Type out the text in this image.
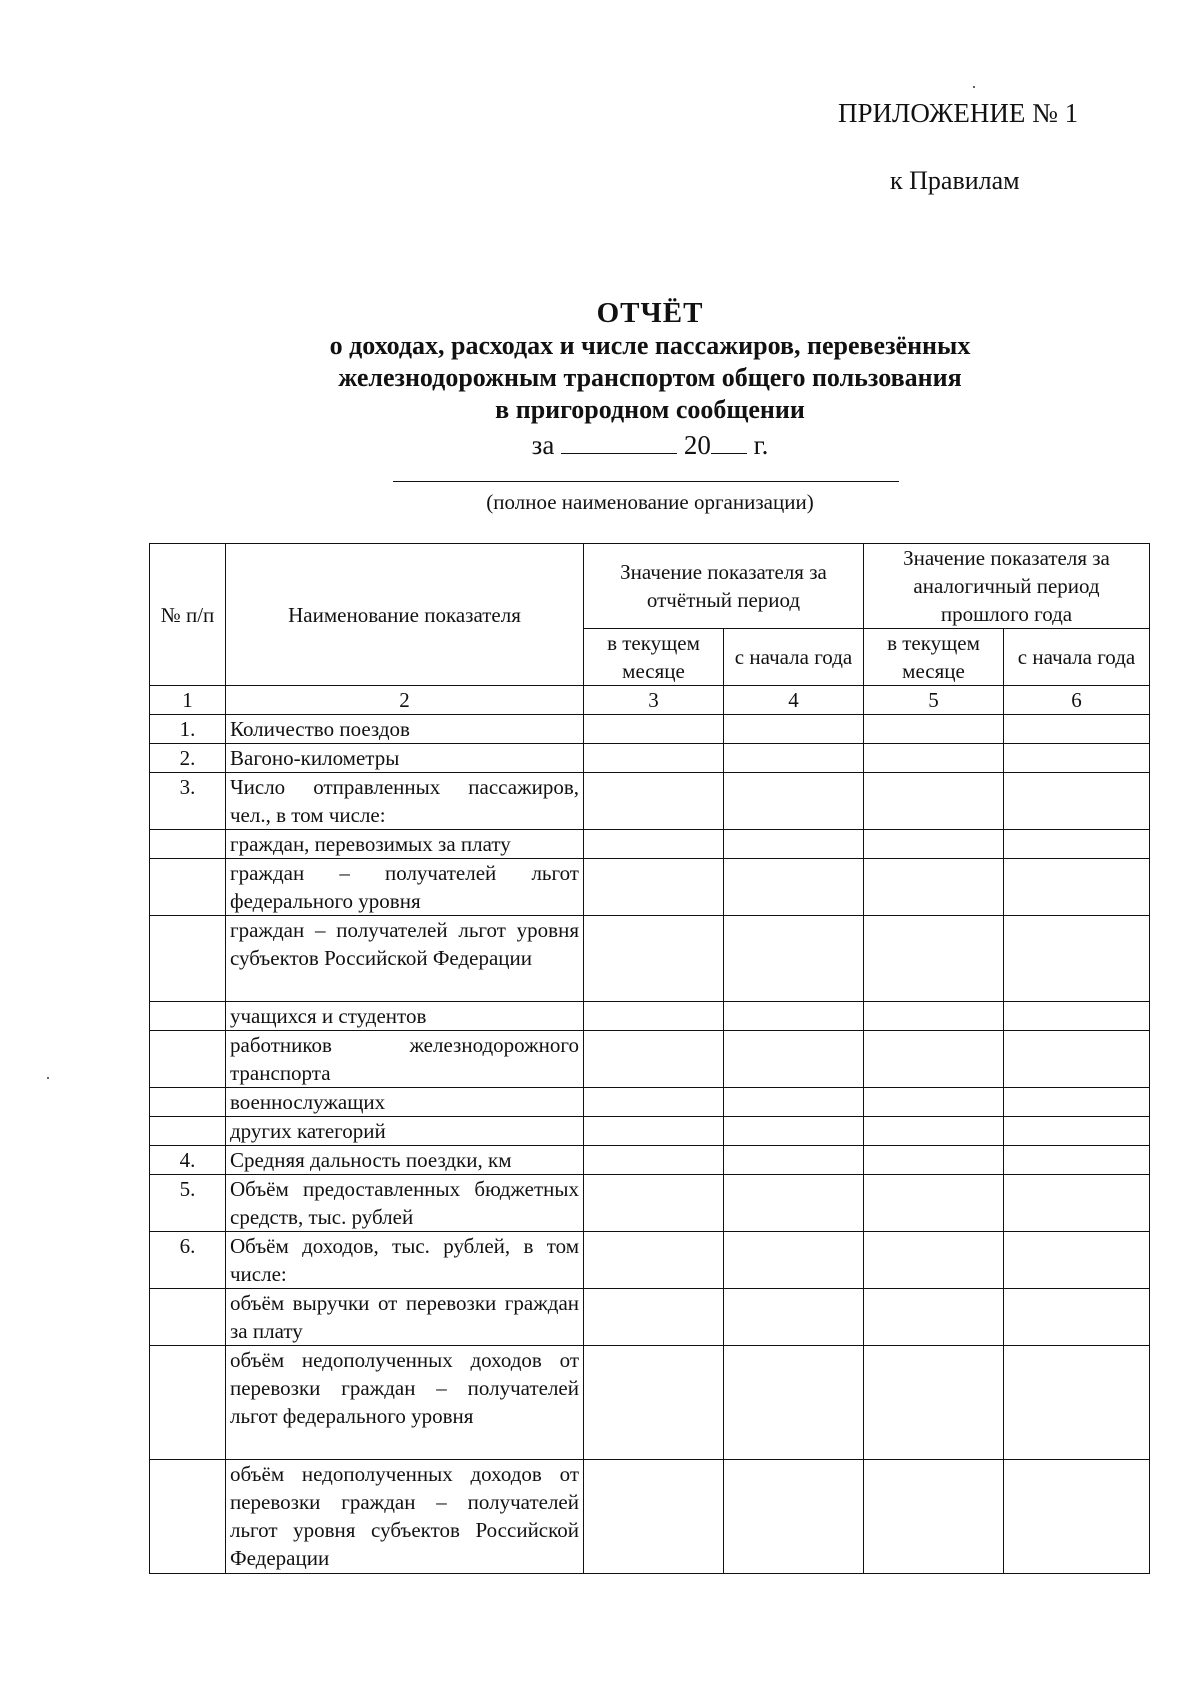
ПРИЛОЖЕНИЕ № 1
к Правилам
ОТЧЁТ
о доходах, расходах и числе пассажиров, перевезённых
железнодорожным транспортом общего пользования
в пригородном сообщении
за	20 г.
(полное наименование организации)
№ п/п	Наименование показателя	Значение показателя за отчётный период		Значение показателя за аналогичный период прошлого года	
		в текущем месяце	с начала года	в текущем месяце	с начала года
1	2	3	4	5	6
1.	Количество поездов				
2.	Вагоно-километры				
3.	Число отправленных пассажиров, чел., в том числе:				
	граждан, перевозимых за плату				
	граждан – получателей льгот федерального уровня				
	граждан – получателей льгот уровня субъектов Российской Федерации				
	учащихся и студентов				
	работников железнодорожного транспорта				
	военнослужащих				
	других категорий				
4.	Средняя дальность поездки, км				
5.	Объём предоставленных бюджетных средств, тыс. рублей				
6.	Объём доходов, тыс. рублей, в том числе:				
	объём выручки от перевозки граждан за плату				
	объём недополученных доходов от перевозки граждан – получателей льгот федерального уровня				
	объём недополученных доходов от перевозки граждан – получателей льгот уровня субъектов Российской Федерации				
